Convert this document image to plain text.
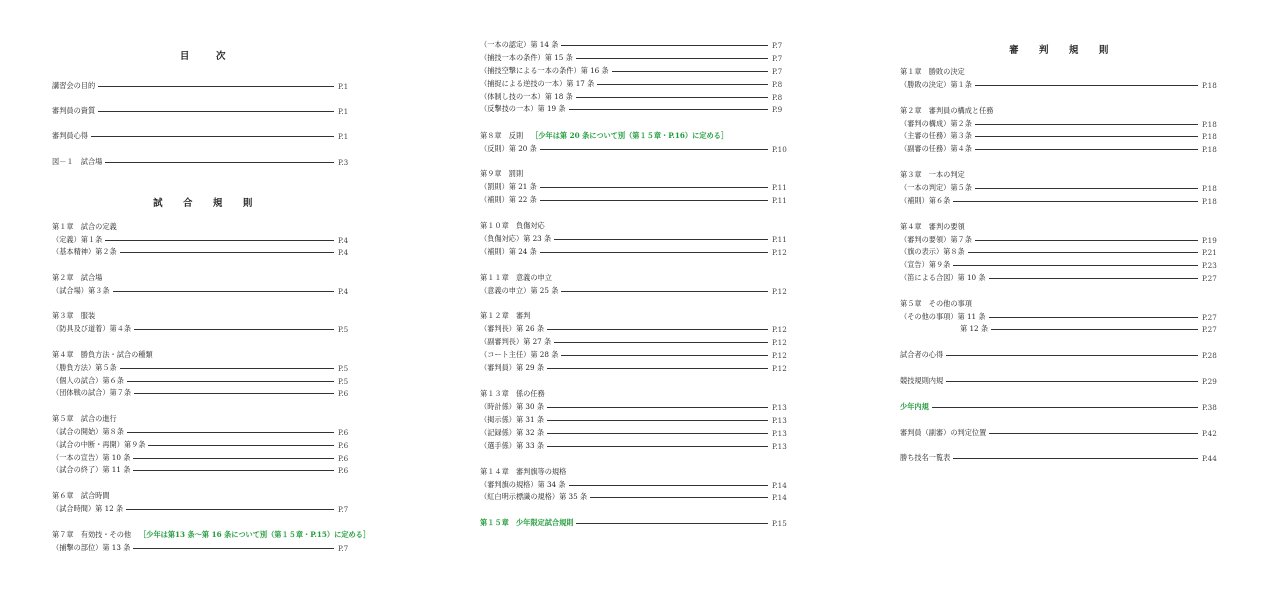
目　次
講習会の目的	P.1
審判員の資質	P.1
審判員心得	P.1
図－１　試合場	P.3
試 合 規 則
第１章　試合の定義
（定義）第１条	P.4
（基本精神）第２条	P.4
第２章　試合場
（試合場）第３条	P.4
第３章　服装
（防具及び道着）第４条	P.5
第４章　勝負方法・試合の種類
（勝負方法）第５条	P.5
（個人の試合）第６条	P.5
（団体戦の試合）第７条	P.6
第５章　試合の進行
（試合の開始）第８条	P.6
（試合の中断・再開）第９条	P.6
（一本の宣告）第 10 条	P.6
（試合の終了）第 11 条	P.6
第６章　試合時間
（試合時間）第 12 条	P.7
第７章　有効技・その他 ［少年は第13 条～第 16 条について別（第１５章・P.15）に定める］
（捕撃の部位）第 13 条	P.7
（一本の認定）第 14 条	P.7
（捕技一本の条件）第 15 条	P.7
（捕技空撃による一本の条件）第 16 条	P.7
（捕捉による逆技の一本）第 17 条	P.8
（体制し技の一本）第 18 条	P.8
（反撃技の一本）第 19 条	P.9
第８章　反則 ［少年は第 20 条について別（第１５章・P.16）に定める］
（反則）第 20 条	P.10
第９章　罰則
（罰則）第 21 条	P.11
（補則）第 22 条	P.11
第１０章　負傷対応
（負傷対応）第 23 条	P.11
（補則）第 24 条	P.12
第１１章　意義の申立
（意義の申立）第 25 条	P.12
第１２章　審判
（審判長）第 26 条	P.12
（副審判長）第 27 条	P.12
（コート主任）第 28 条	P.12
（審判員）第 29 条	P.12
第１３章　係の任務
（時計係）第 30 条	P.13
（掲示係）第 31 条	P.13
（記録係）第 32 条	P.13
（選手係）第 33 条	P.13
第１４章　審判旗等の規格
（審判旗の規格）第 34 条	P.14
（紅白明示標識の規格）第 35 条	P.14
第１５章　少年限定試合規則	P.15
審 判 規 則
第１章　勝敗の決定
（勝敗の決定）第１条	P.18
第２章　審判員の構成と任務
（審判の構成）第２条	P.18
（主審の任務）第３条	P.18
（副審の任務）第４条	P.18
第３章　一本の判定
（一本の判定）第５条	P.18
（補則）第６条	P.18
第４章　審判の要領
（審判の要領）第７条	P.19
（旗の表示）第８条	P.21
（宣告）第９条	P.23
（笛による合図）第 10 条	P.27
第５章　その他の事項
（その他の事項）第 11 条	P.27
第 12 条	P.27
試合者の心得	P.28
競技規則内規	P.29
少年内規	P.38
審判員（副審）の判定位置	P.42
勝ち技名一覧表	P.44
